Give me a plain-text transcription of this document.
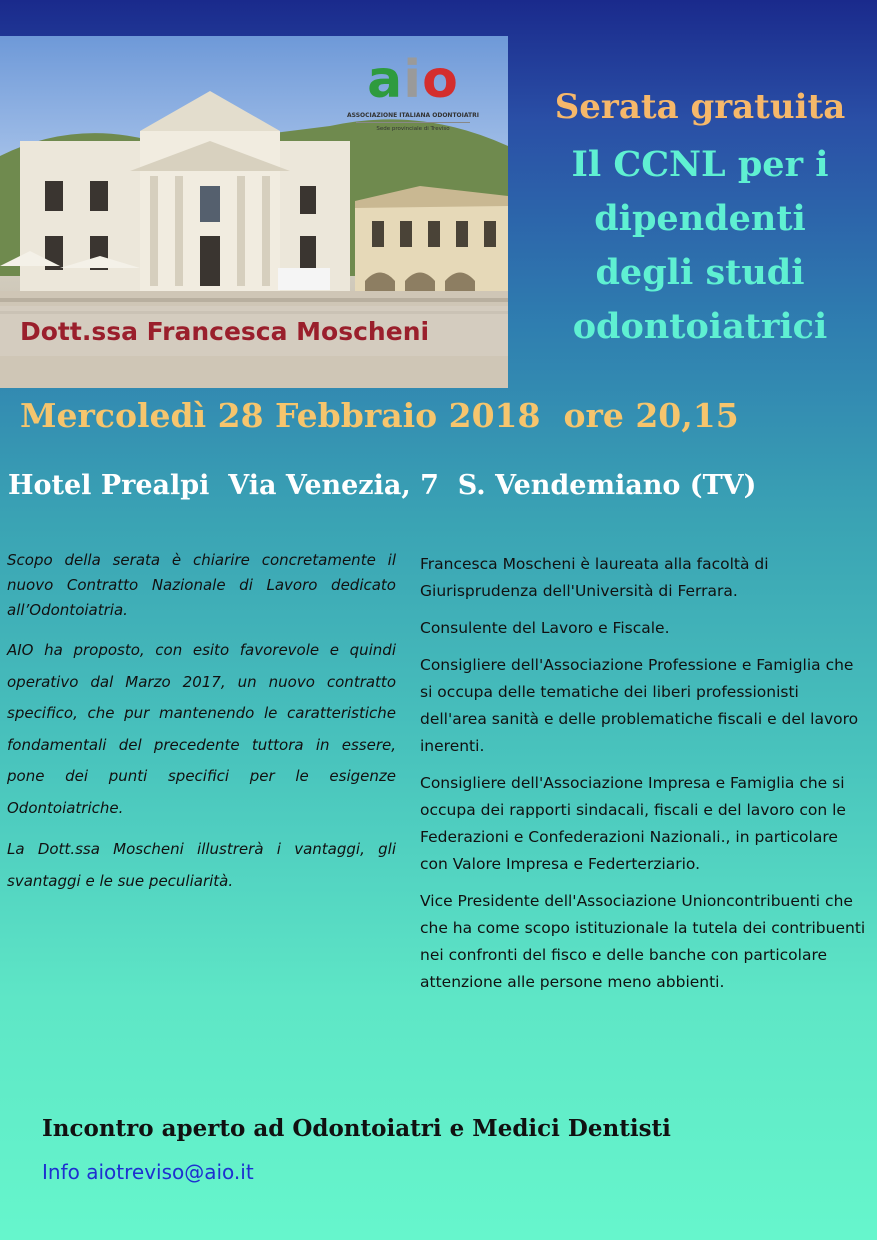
aio
ASSOCIAZIONE ITALIANA ODONTOIATRI
Sede provinciale di Treviso
Dott.ssa Francesca Moscheni
Serata gratuita
Il CCNL per i
dipendenti
degli studi
odontoiatrici
Mercoledì 28 Febbraio 2018  ore 20,15
Hotel Prealpi  Via Venezia, 7  S. Vendemiano (TV)

Scopo della serata è chiarire concretamente il nuovo Contratto Nazionale di Lavoro dedicato all’Odontoiatria.

AIO ha proposto, con esito favorevole e quindi operativo dal Marzo 2017, un nuovo contratto specifico, che pur mantenendo le caratteristiche fondamentali del precedente tuttora in essere, pone dei punti specifici per le esigenze Odontoiatriche.

La Dott.ssa Moscheni illustrerà i vantaggi, gli svantaggi e le sue peculiarità.

Francesca Moscheni è laureata alla facoltà di Giurisprudenza dell'Università di Ferrara.

Consulente del Lavoro e Fiscale.

Consigliere dell'Associazione Professione e Famiglia che si occupa delle tematiche dei liberi professionisti dell'area sanità e delle problematiche fiscali e del lavoro inerenti.

Consigliere dell'Associazione Impresa e Famiglia che si occupa dei rapporti sindacali, fiscali e del lavoro con le Federazioni e Confederazioni Nazionali., in particolare con Valore Impresa e Federterziario.

Vice Presidente dell'Associazione Unioncontribuenti che che ha come scopo istituzionale la tutela dei contribuenti nei confronti del fisco e delle banche con particolare attenzione alle persone meno abbienti.

Incontro aperto ad Odontoiatri e Medici Dentisti
Info aiotreviso@aio.it
